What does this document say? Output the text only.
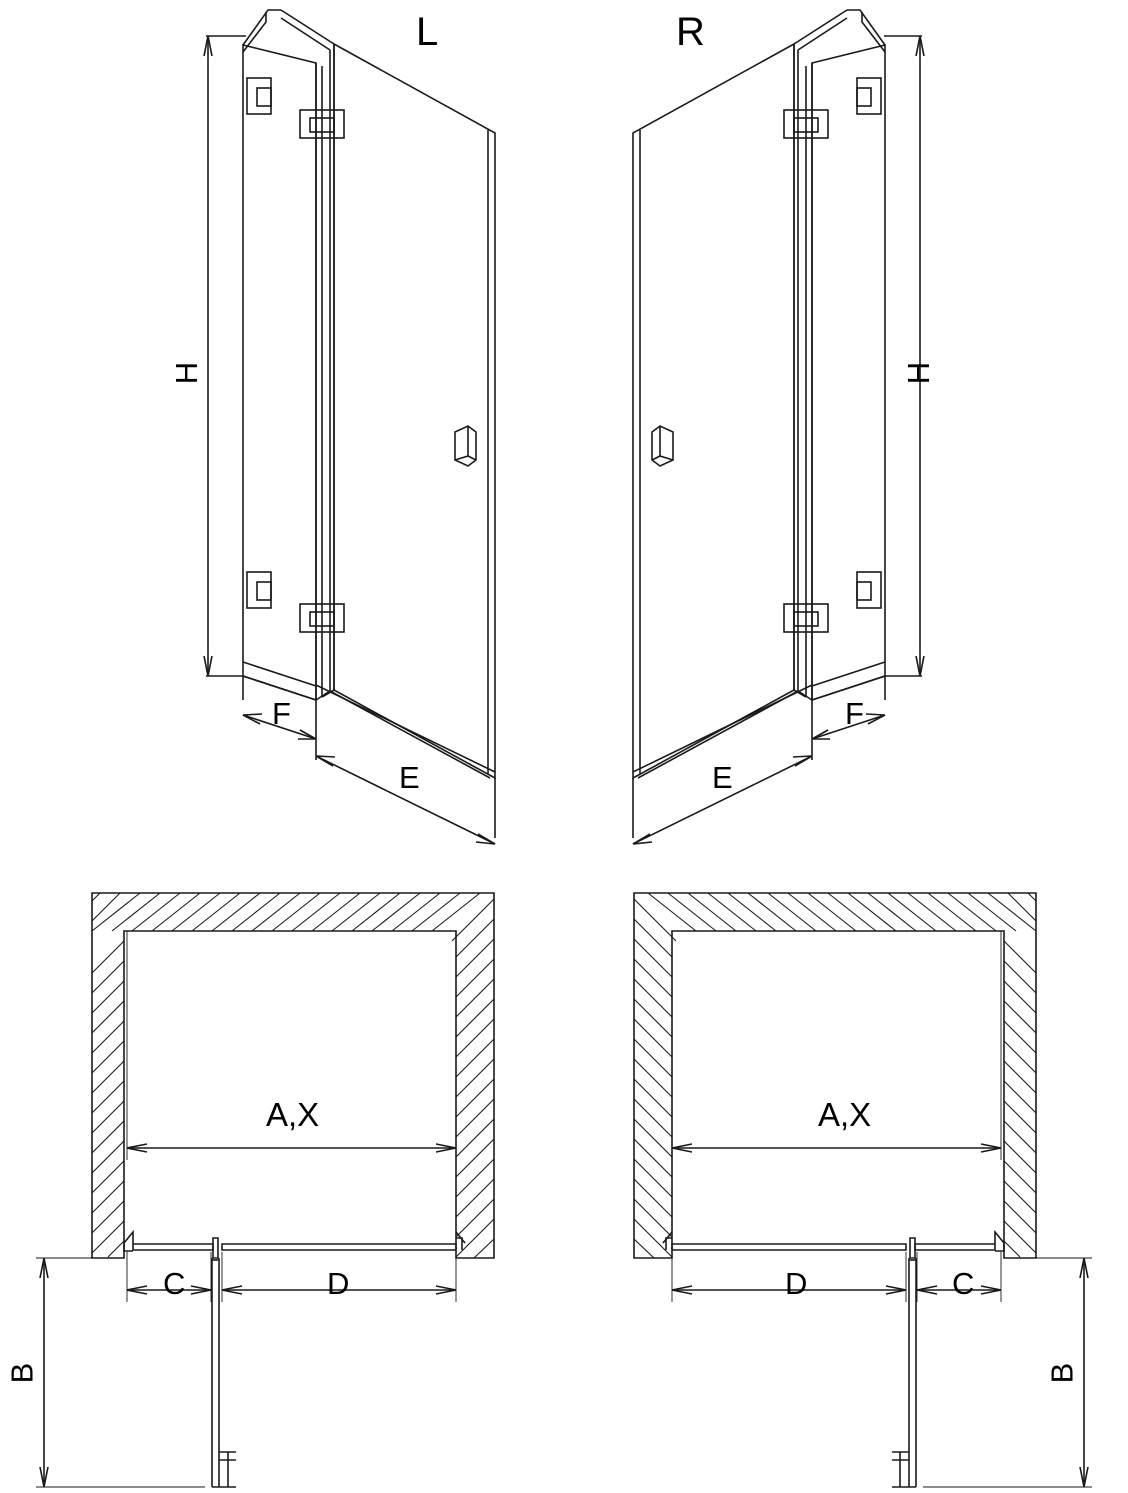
L	R
H	H
F	F
E	E
A,X	A,X
C	D	D	C
B	B
